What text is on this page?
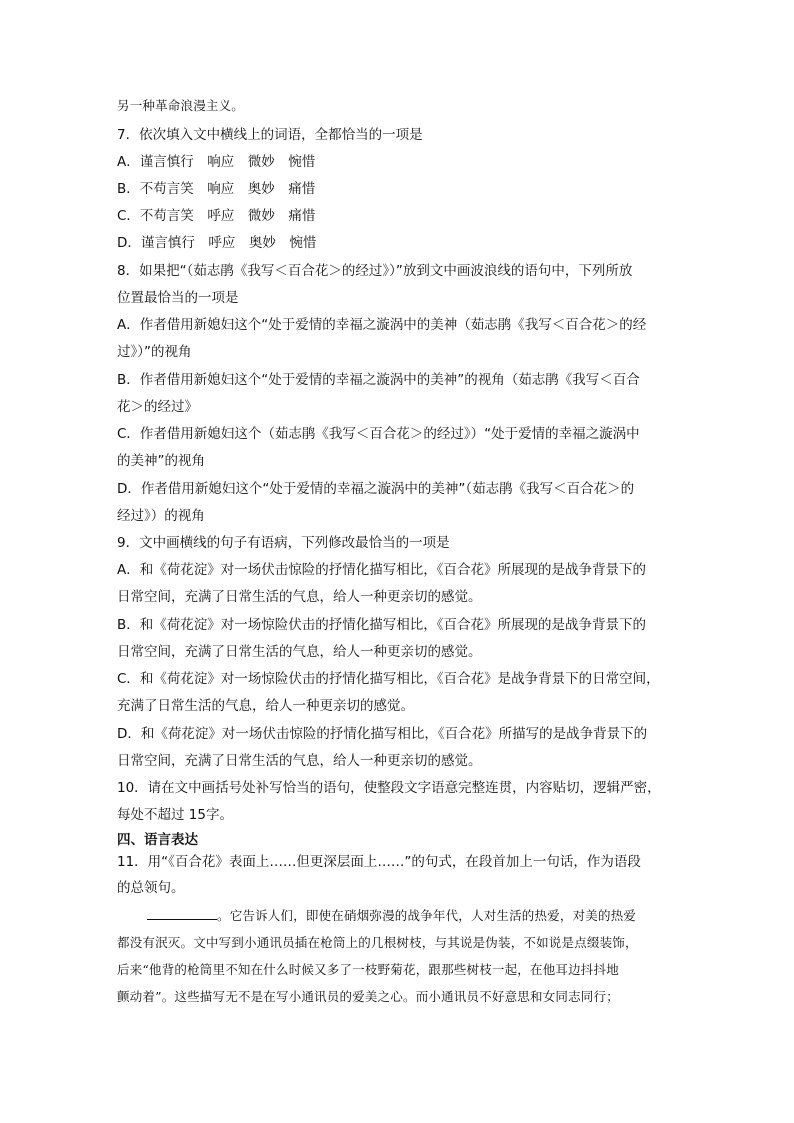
另一种革命浪漫主义。
7．依次填入文中横线上的词语，全都恰当的一项是
A．谨言慎行　响应　微妙　惋惜
B．不苟言笑　响应　奥妙　痛惜
C．不苟言笑　呼应　微妙　痛惜
D．谨言慎行　呼应　奥妙　惋惜
8．如果把“（茹志鹃《我写＜百合花＞的经过》）”放到文中画波浪线的语句中，下列所放
位置最恰当的一项是
A．作者借用新媳妇这个“处于爱情的幸福之漩涡中的美神（茹志鹃《我写＜百合花＞的经
过》）”的视角
B．作者借用新媳妇这个“处于爱情的幸福之漩涡中的美神”的视角（茹志鹃《我写＜百合
花＞的经过》
C．作者借用新媳妇这个（茹志鹃《我写＜百合花＞的经过》）“处于爱情的幸福之漩涡中
的美神”的视角
D．作者借用新媳妇这个“处于爱情的幸福之漩涡中的美神”（茹志鹃《我写＜百合花＞的
经过》）的视角
9．文中画横线的句子有语病，下列修改最恰当的一项是
A．和《荷花淀》对一场伏击惊险的抒情化描写相比，《百合花》所展现的是战争背景下的
日常空间，充满了日常生活的气息，给人一种更亲切的感觉。
B．和《荷花淀》对一场惊险伏击的抒情化描写相比，《百合花》所展现的是战争背景下的
日常空间，充满了日常生活的气息，给人一种更亲切的感觉。
C．和《荷花淀》对一场惊险伏击的抒情化描写相比，《百合花》是战争背景下的日常空间，
充满了日常生活的气息，给人一种更亲切的感觉。
D．和《荷花淀》对一场伏击惊险的抒情化描写相比，《百合花》所描写的是战争背景下的
日常空间，充满了日常生活的气息，给人一种更亲切的感觉。
10．请在文中画括号处补写恰当的语句，使整段文字语意完整连贯，内容贴切，逻辑严密，
每处不超过 15字。
四、语言表达
11．用“《百合花》表面上……但更深层面上……”的句式，在段首加上一句话，作为语段
的总领句。
。它告诉人们，即使在硝烟弥漫的战争年代，人对生活的热爱，对美的热爱
都没有泯灭。文中写到小通讯员插在枪筒上的几根树枝，与其说是伪装，不如说是点缀装饰，
后来“他背的枪筒里不知在什么时候又多了一枝野菊花，跟那些树枝一起，在他耳边抖抖地
颤动着”。这些描写无不是在写小通讯员的爱美之心。而小通讯员不好意思和女同志同行；
